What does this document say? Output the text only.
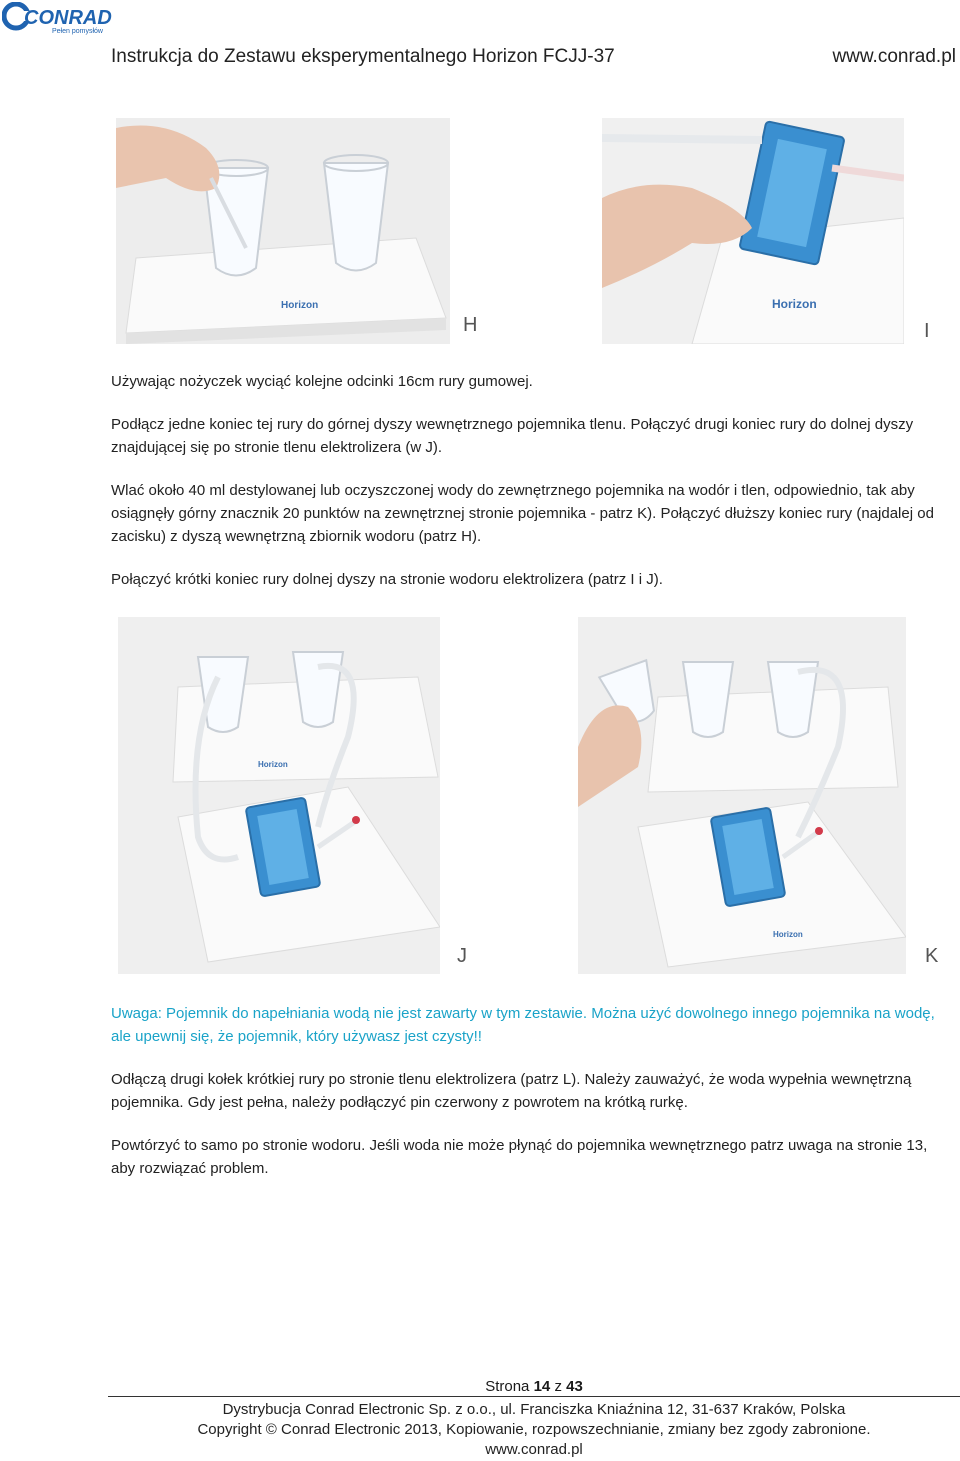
CONRAD
Pełen pomysłów
Instrukcja do Zestawu eksperymentalnego Horizon FCJJ-37	www.conrad.pl
Horizon
H
Horizon
I
Używając nożyczek wyciąć kolejne odcinki 16cm rury gumowej.
Podłącz jedne koniec tej rury do górnej dyszy wewnętrznego pojemnika tlenu. Połączyć drugi koniec rury do dolnej dyszy znajdującej się po stronie tlenu elektrolizera (w J).
Wlać około 40 ml destylowanej lub oczyszczonej wody do zewnętrznego pojemnika na wodór i tlen, odpowiednio, tak aby osiągnęły górny znacznik 20 punktów na zewnętrznej stronie pojemnika - patrz K). Połączyć dłuższy koniec rury (najdalej od zacisku) z dyszą wewnętrzną zbiornik wodoru (patrz H).
Połączyć krótki koniec rury dolnej dyszy na stronie wodoru elektrolizera (patrz I i J).
Horizon
J
Horizon
K
Uwaga: Pojemnik do napełniania wodą nie jest zawarty w tym zestawie. Można użyć dowolnego innego pojemnika na wodę, ale upewnij się, że pojemnik, który używasz jest czysty!!
Odłączą drugi kołek krótkiej rury po stronie tlenu elektrolizera (patrz L). Należy zauważyć, że woda wypełnia wewnętrzną pojemnika. Gdy jest pełna, należy podłączyć pin czerwony z powrotem na krótką rurkę.
Powtórzyć to samo po stronie wodoru. Jeśli woda nie może płynąć do pojemnika wewnętrznego patrz uwaga na stronie 13, aby rozwiązać problem.
Strona 14 z 43
Dystrybucja Conrad Electronic Sp. z o.o., ul. Franciszka Kniaźnina 12, 31-637 Kraków, Polska
Copyright © Conrad Electronic 2013, Kopiowanie, rozpowszechnianie, zmiany bez zgody zabronione.
www.conrad.pl
